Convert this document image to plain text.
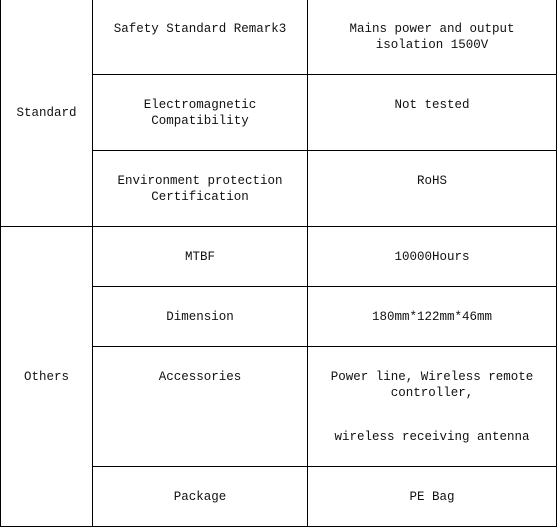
Standard	Safety Standard Remark3	Mains power and output isolation 1500V

	Electromagnetic Compatibility	Not tested

	Environment protection Certification	RoHS

Others	MTBF	10000Hours

	Dimension	180mm*122mm*46mm

	Accessories	Power line, Wireless remote controller,
wireless receiving antenna

	Package	PE Bag
